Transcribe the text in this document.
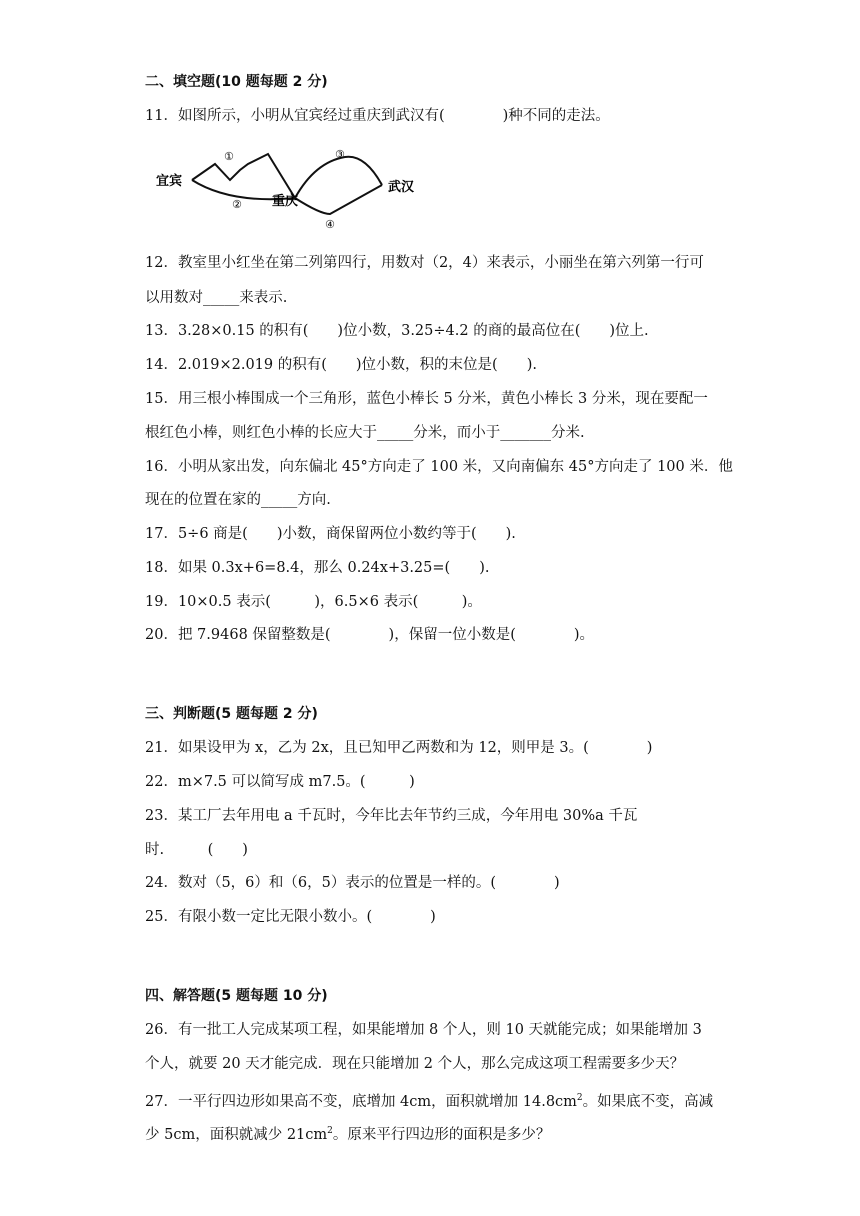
二、填空题(10 题每题 2 分)
11．如图所示，小明从宜宾经过重庆到武汉有(　　　　)种不同的走法。
宜宾
重庆
武汉
①
②
③
④
12．教室里小红坐在第二列第四行，用数对（2，4）来表示，小丽坐在第六列第一行可
以用数对_____来表示.
13．3.28×0.15 的积有(　　)位小数，3.25÷4.2 的商的最高位在(　　)位上.
14．2.019×2.019 的积有(　　)位小数，积的末位是(　　).
15．用三根小棒围成一个三角形，蓝色小棒长 5 分米，黄色小棒长 3 分米，现在要配一
根红色小棒，则红色小棒的长应大于_____分米，而小于_______分米.
16．小明从家出发，向东偏北 45°方向走了 100 米，又向南偏东 45°方向走了 100 米．他
现在的位置在家的_____方向.
17．5÷6 商是(　　)小数，商保留两位小数约等于(　　).
18．如果 0.3x+6=8.4，那么 0.24x+3.25=(　　).
19．10×0.5 表示(　　　)，6.5×6 表示(　　　)。
20．把 7.9468 保留整数是(　　　　)，保留一位小数是(　　　　)。
三、判断题(5 题每题 2 分)
21．如果设甲为 x，乙为 2x，且已知甲乙两数和为 12，则甲是 3。(　　　　)
22．m×7.5 可以简写成 m7.5。(　　　)
23．某工厂去年用电 a 千瓦时，今年比去年节约三成，今年用电 30%a 千瓦
时.　　　(　　)
24．数对（5，6）和（6，5）表示的位置是一样的。(　　　　)
25．有限小数一定比无限小数小。(　　　　)
四、解答题(5 题每题 10 分)
26．有一批工人完成某项工程，如果能增加 8 个人，则 10 天就能完成；如果能增加 3
个人，就要 20 天才能完成．现在只能增加 2 个人，那么完成这项工程需要多少天？
27．一平行四边形如果高不变，底增加 4cm，面积就增加 $14.8cm^2$。如果底不变，高减
少 5cm，面积就减少 $21cm^2$。原来平行四边形的面积是多少？
